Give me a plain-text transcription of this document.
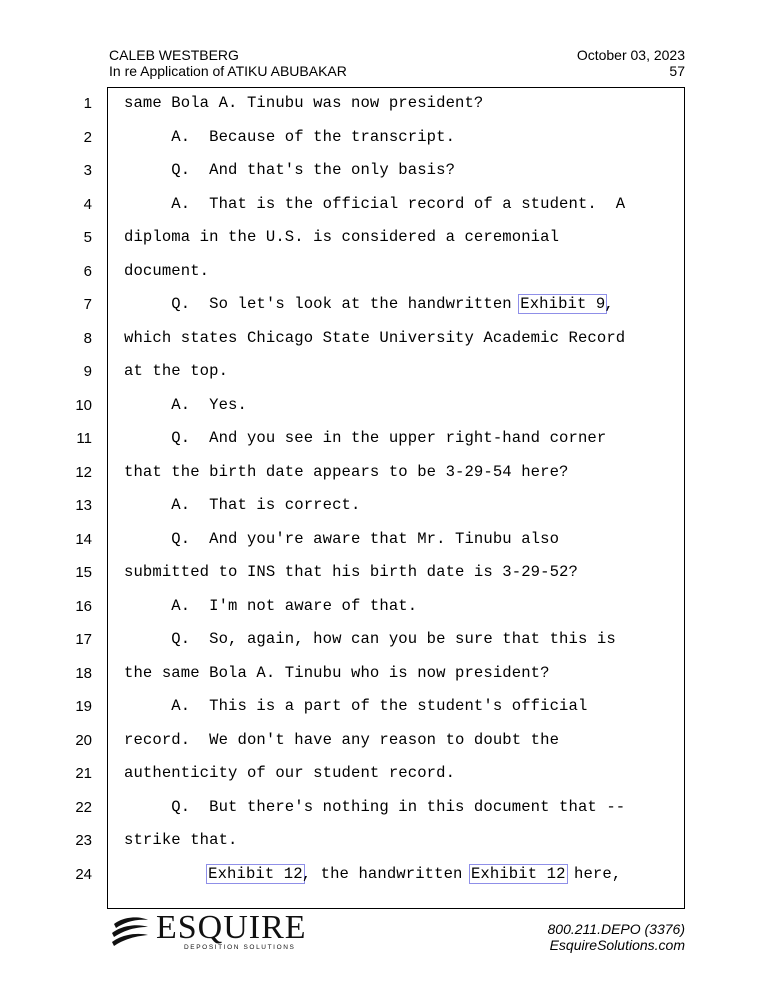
CALEB WESTBERG
In re Application of ATIKU ABUBAKAR
October 03, 2023
57
1 same Bola A. Tinubu was now president?
2 A.  Because of the transcript.
3 Q.  And that's the only basis?
4 A.  That is the official record of a student.  A
5 diploma in the U.S. is considered a ceremonial
6 document.
7 Q.  So let's look at the handwritten Exhibit 9,
8 which states Chicago State University Academic Record
9 at the top.
10 A.  Yes.
11 Q.  And you see in the upper right-hand corner
12 that the birth date appears to be 3-29-54 here?
13 A.  That is correct.
14 Q.  And you're aware that Mr. Tinubu also
15 submitted to INS that his birth date is 3-29-52?
16 A.  I'm not aware of that.
17 Q.  So, again, how can you be sure that this is
18 the same Bola A. Tinubu who is now president?
19 A.  This is a part of the student's official
20 record.  We don't have any reason to doubt the
21 authenticity of our student record.
22 Q.  But there's nothing in this document that --
23 strike that.
24	Exhibit 12, the handwritten Exhibit 12 here,
ESQUIRE
DEPOSITION SOLUTIONS
800.211.DEPO (3376)
EsquireSolutions.com
